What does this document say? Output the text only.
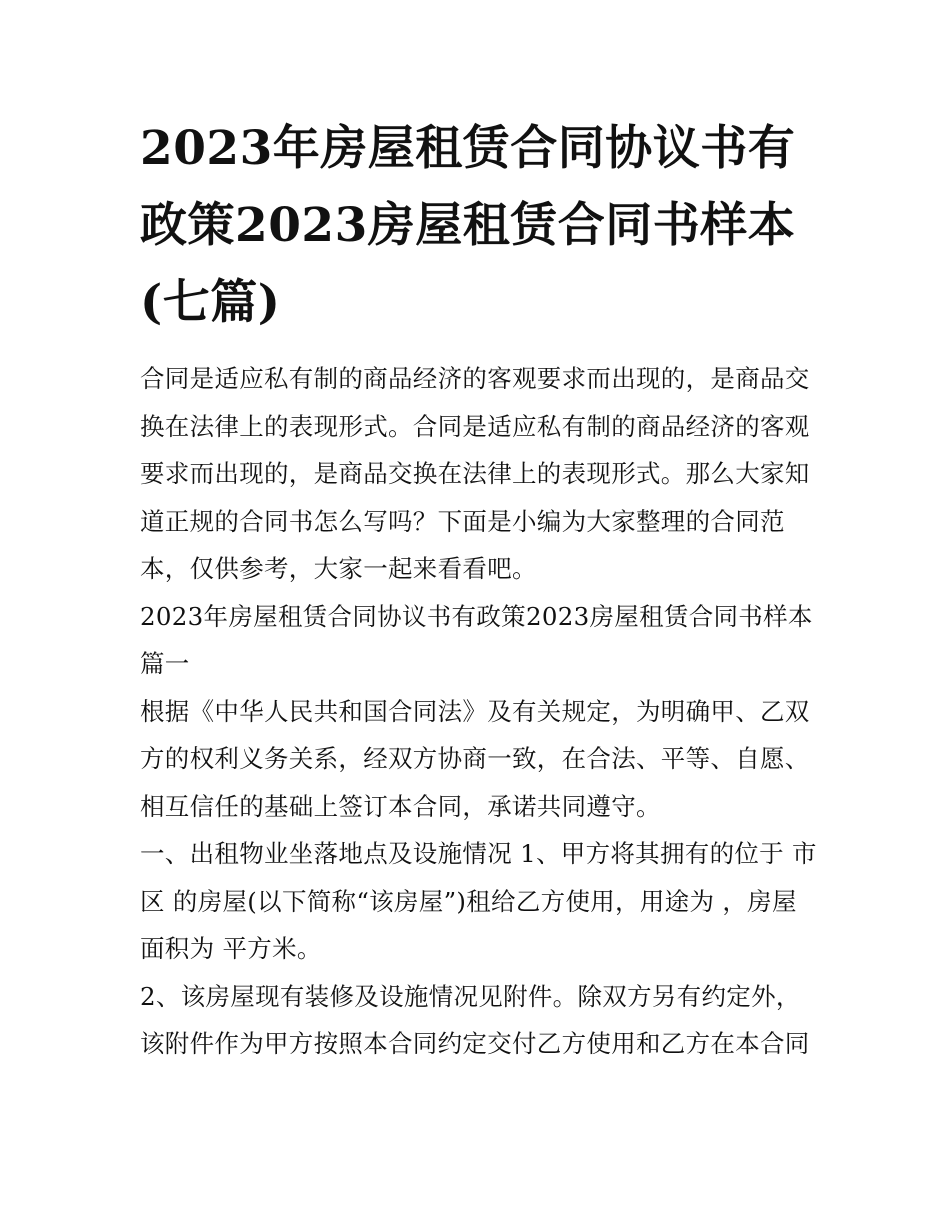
2023年房屋租赁合同协议书有政策2023房屋租赁合同书样本(七篇)

合同是适应私有制的商品经济的客观要求而出现的，是商品交换在法律上的表现形式。合同是适应私有制的商品经济的客观要求而出现的，是商品交换在法律上的表现形式。那么大家知道正规的合同书怎么写吗？下面是小编为大家整理的合同范本，仅供参考，大家一起来看看吧。

2023年房屋租赁合同协议书有政策2023房屋租赁合同书样本篇一

根据《中华人民共和国合同法》及有关规定，为明确甲、乙双方的权利义务关系，经双方协商一致，在合法、平等、自愿、相互信任的基础上签订本合同，承诺共同遵守。

一、出租物业坐落地点及设施情况 1、甲方将其拥有的位于 市区 的房屋(以下简称“该房屋”)租给乙方使用，用途为 ，房屋面积为 平方米。

2、该房屋现有装修及设施情况见附件。除双方另有约定外，该附件作为甲方按照本合同约定交付乙方使用和乙方在本合同
